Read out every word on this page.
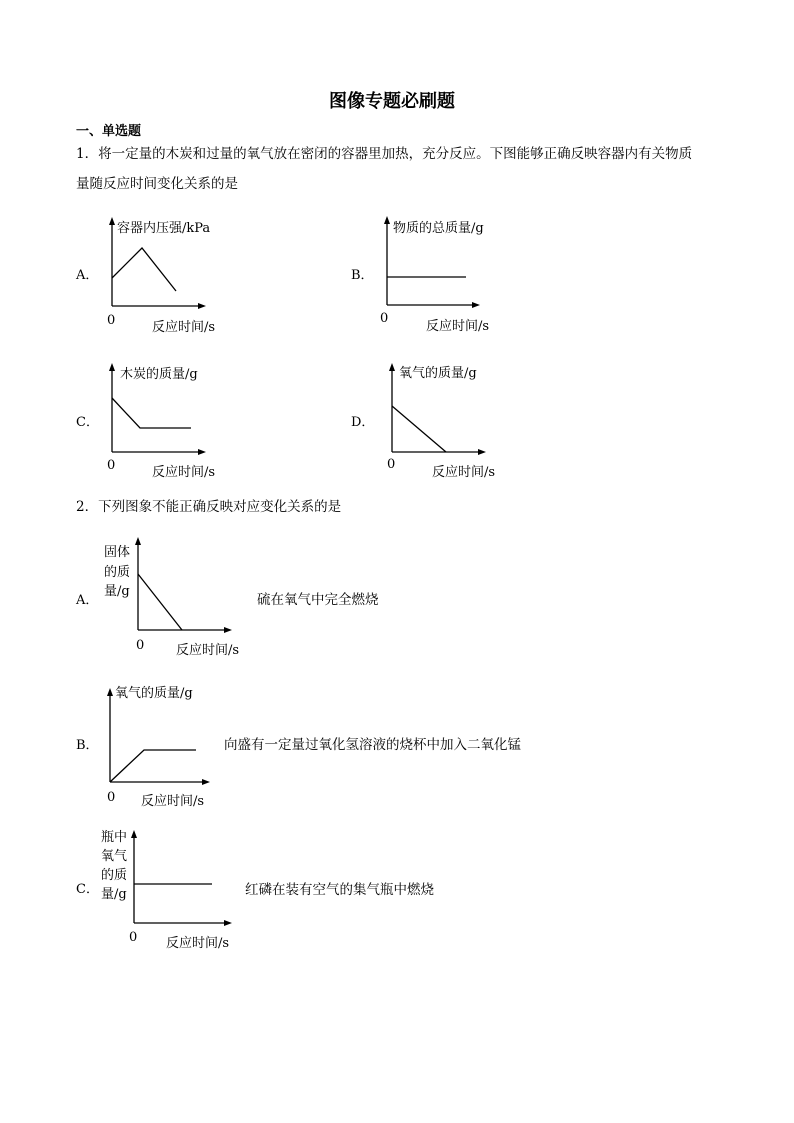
图像专题必刷题
一、单选题
1．将一定量的木炭和过量的氧气放在密闭的容器里加热，充分反应。下图能够正确反映容器内有关物质
量随反应时间变化关系的是
A．
容器内压强/kPa
0	反应时间/s
B．
物质的总质量/g
0
反应时间/s
C．
木炭的质量/g
0	反应时间/s
D．
氧气的质量/g
0
反应时间/s
2．下列图象不能正确反映对应变化关系的是
A．
固体
的质
量/g
0 反应时间/s
硫在氧气中完全燃烧
B．
氧气的质量/g
0 反应时间/s
向盛有一定量过氧化氢溶液的烧杯中加入二氧化锰
C．
瓶中
氧气
的质
量/g
0 反应时间/s
红磷在装有空气的集气瓶中燃烧
